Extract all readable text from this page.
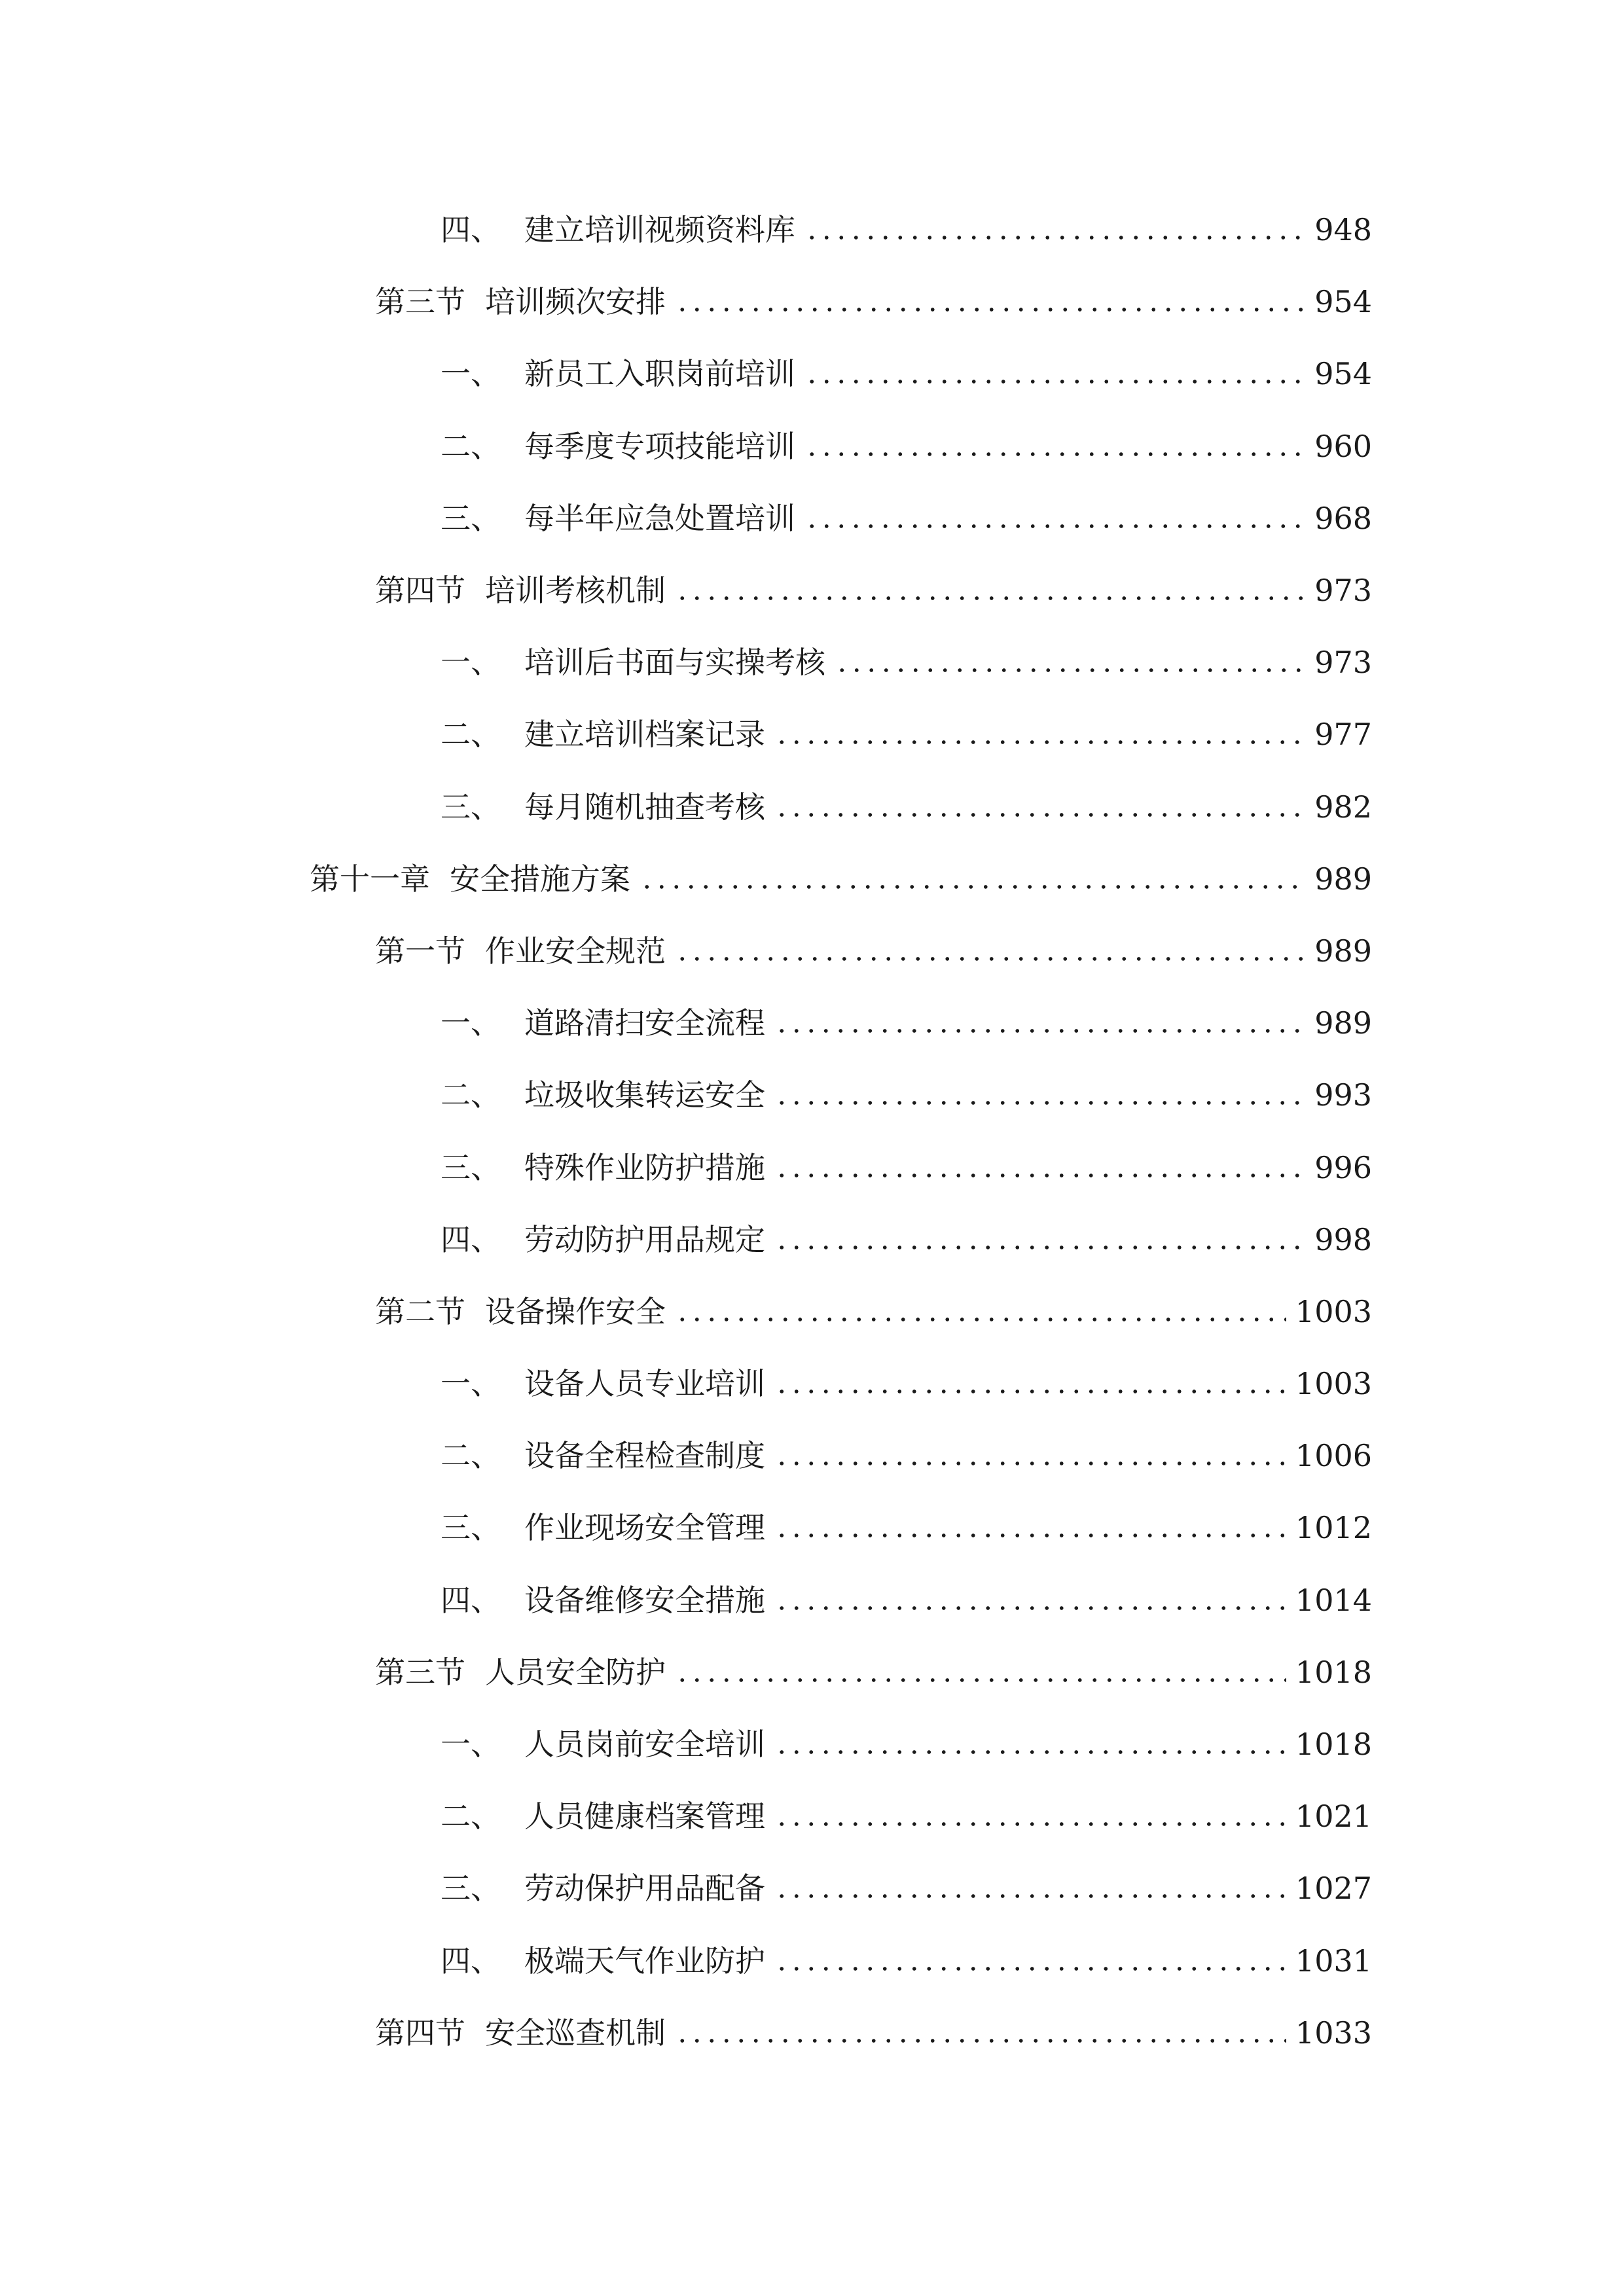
四、 建立培训视频资料库	948
第三节 培训频次安排	954
一、 新员工入职岗前培训	954
二、 每季度专项技能培训	960
三、 每半年应急处置培训	968
第四节 培训考核机制	973
一、 培训后书面与实操考核	973
二、 建立培训档案记录	977
三、 每月随机抽查考核	982
第十一章 安全措施方案	989
第一节 作业安全规范	989
一、 道路清扫安全流程	989
二、 垃圾收集转运安全	993
三、 特殊作业防护措施	996
四、 劳动防护用品规定	998
第二节 设备操作安全	1003
一、 设备人员专业培训	1003
二、 设备全程检查制度	1006
三、 作业现场安全管理	1012
四、 设备维修安全措施	1014
第三节 人员安全防护	1018
一、 人员岗前安全培训	1018
二、 人员健康档案管理	1021
三、 劳动保护用品配备	1027
四、 极端天气作业防护	1031
第四节 安全巡查机制	1033
